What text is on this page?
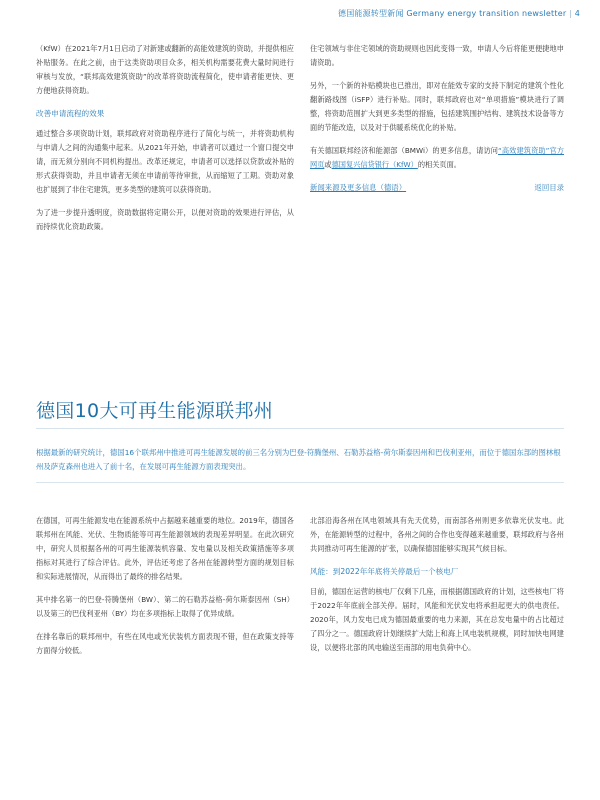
德国能源转型新闻 Germany energy transition newsletter | 4

（KfW）在2021年7月1日启动了对新建或翻新的高能效建筑的资助，并提供相应补贴服务。在此之前，由于这类资助项目众多，相关机构需要花费大量时间进行审核与发放，“联邦高效建筑资助”的改革将资助流程简化，使申请者能更快、更方便地获得资助。

改善申请流程的效果

通过整合多项资助计划，联邦政府对资助程序进行了简化与统一，并将资助机构与申请人之间的沟通集中起来。从2021年开始，申请者可以通过一个窗口提交申请，而无须分别向不同机构提出。改革还规定，申请者可以选择以贷款或补贴的形式获得资助，并且申请者无须在申请前等待审批，从而缩短了工期。资助对象也扩展到了非住宅建筑，更多类型的建筑可以获得资助。

为了进一步提升透明度，资助数据将定期公开，以便对资助的效果进行评估，从而持续优化资助政策。

住宅领域与非住宅领域的资助规则也因此变得一致，申请人今后将能更便捷地申请资助。

另外，一个新的补贴模块也已推出，即对在能效专家的支持下制定的建筑个性化翻新路线图（iSFP）进行补贴。同时，联邦政府也对“单项措施”模块进行了调整，将资助范围扩大到更多类型的措施，包括建筑围护结构、建筑技术设备等方面的节能改造，以及对于供暖系统优化的补贴。

有关德国联邦经济和能源部（BMWi）的更多信息，请访问“高效建筑资助”官方网页或德国复兴信贷银行（KfW）的相关页面。

新闻来源及更多信息（德语）	返回目录
德国10大可再生能源联邦州
根据最新的研究统计，德国16个联邦州中推进可再生能源发展的前三名分别为巴登-符腾堡州、石勒苏益格-荷尔斯泰因州和巴伐利亚州，而位于德国东部的图林根州及萨克森州也进入了前十名，在发展可再生能源方面表现突出。

在德国，可再生能源发电在能源系统中占据越来越重要的地位。2019年，德国各联邦州在风能、光伏、生物质能等可再生能源领域的表现差异明显。在此次研究中，研究人员根据各州的可再生能源装机容量、发电量以及相关政策措施等多项指标对其进行了综合评估。此外，评估还考虑了各州在能源转型方面的规划目标和实际进展情况，从而得出了最终的排名结果。

其中排名第一的巴登-符腾堡州（BW）、第二的石勒苏益格-荷尔斯泰因州（SH）以及第三的巴伐利亚州（BY）均在多项指标上取得了优异成绩。

在排名靠后的联邦州中，有些在风电或光伏装机方面表现不错，但在政策支持等方面得分较低。

北部沿海各州在风电领域具有先天优势，而南部各州则更多依靠光伏发电。此外，在能源转型的过程中，各州之间的合作也变得越来越重要，联邦政府与各州共同推动可再生能源的扩张，以确保德国能够实现其气候目标。

风能：到2022年年底将关停最后一个核电厂

目前，德国在运营的核电厂仅剩下几座，而根据德国政府的计划，这些核电厂将于2022年年底前全部关停。届时，风能和光伏发电将承担起更大的供电责任。2020年，风力发电已成为德国最重要的电力来源，其在总发电量中的占比超过了四分之一。德国政府计划继续扩大陆上和海上风电装机规模，同时加快电网建设，以便将北部的风电输送至南部的用电负荷中心。
